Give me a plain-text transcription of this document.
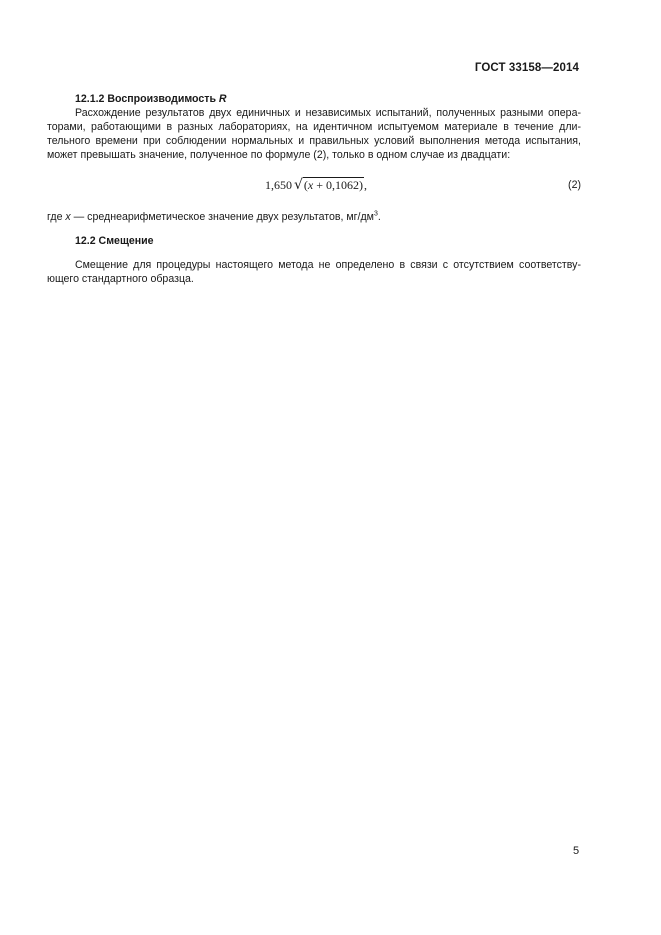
ГОСТ 33158—2014

12.1.2 Воспроизводимость R

Расхождение результатов двух единичных и независимых испытаний, полученных разными опера- торами, работающими в разных лабораториях, на идентичном испытуемом материале в течение дли- тельного времени при соблюдении нормальных и правильных условий выполнения метода испытания, может превышать значение, полученное по формуле (2), только в одном случае из двадцати:

1,650 √(x + 0,1062),	(2)

где x — среднеарифметическое значение двух результатов, $мг/дм^3$.

12.2 Смещение

Смещение для процедуры настоящего метода не определено в связи с отсутствием соответству- ющего стандартного образца.

5
